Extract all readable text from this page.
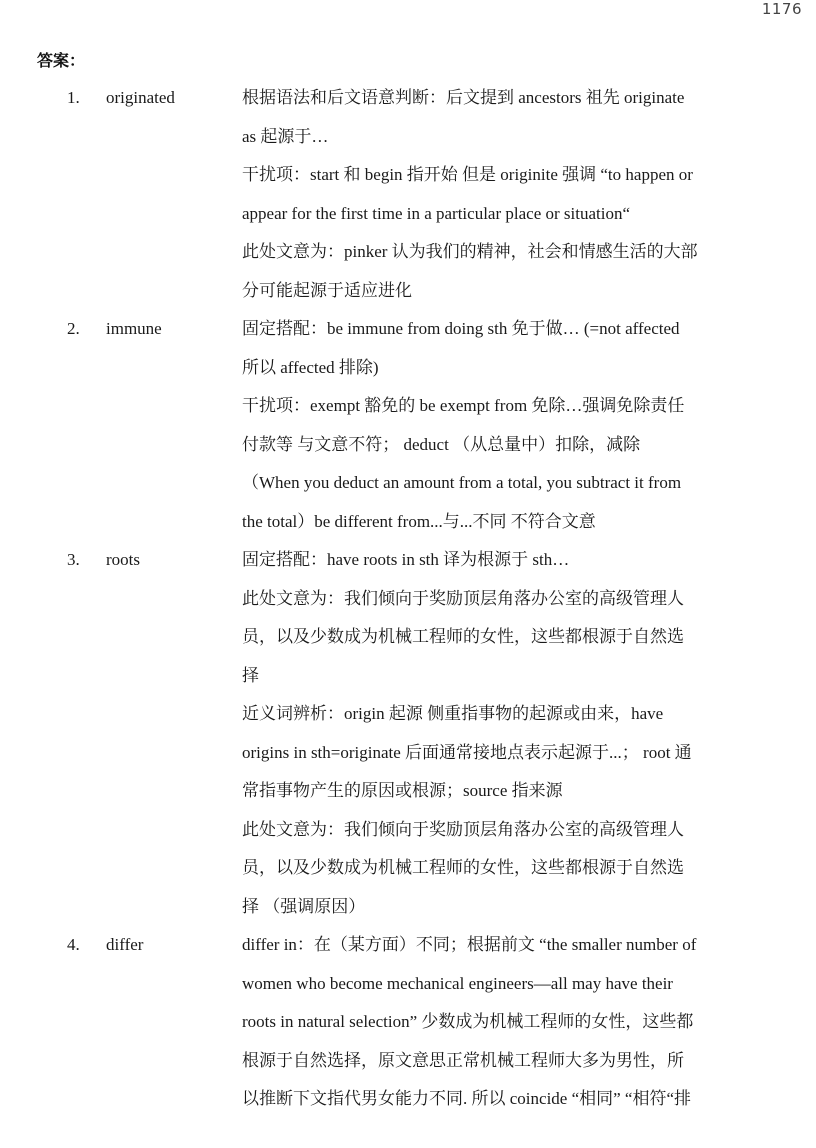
1176
答案：
1.	originated	根据语法和后文语意判断：后文提到 ancestors 祖先 originate

as 起源于…

干扰项：start 和 begin 指开始 但是 originite 强调 “to happen or

appear for the first time in a particular place or situation“

此处文意为：pinker 认为我们的精神，社会和情感生活的大部

分可能起源于适应进化

2.	immune	固定搭配：be immune from doing sth 免于做… (=not affected

所以 affected 排除)

干扰项：exempt 豁免的 be exempt from 免除…强调免除责任

付款等 与文意不符； deduct （从总量中）扣除，减除

（When you deduct an amount from a total, you subtract it from

the total）be different from...与...不同 不符合文意

3.	roots	固定搭配：have roots in sth 译为根源于 sth…

此处文意为：我们倾向于奖励顶层角落办公室的高级管理人

员，以及少数成为机械工程师的女性，这些都根源于自然选

择

近义词辨析：origin 起源 侧重指事物的起源或由来，have

origins in sth=originate 后面通常接地点表示起源于...； root 通

常指事物产生的原因或根源；source 指来源

此处文意为：我们倾向于奖励顶层角落办公室的高级管理人

员，以及少数成为机械工程师的女性，这些都根源于自然选

择 （强调原因）

4.	differ	differ in：在（某方面）不同；根据前文 “the smaller number of

women who become mechanical engineers—all may have their

roots in natural selection” 少数成为机械工程师的女性，这些都

根源于自然选择，原文意思正常机械工程师大多为男性，所

以推断下文指代男女能力不同. 所以 coincide “相同” “相符“排
